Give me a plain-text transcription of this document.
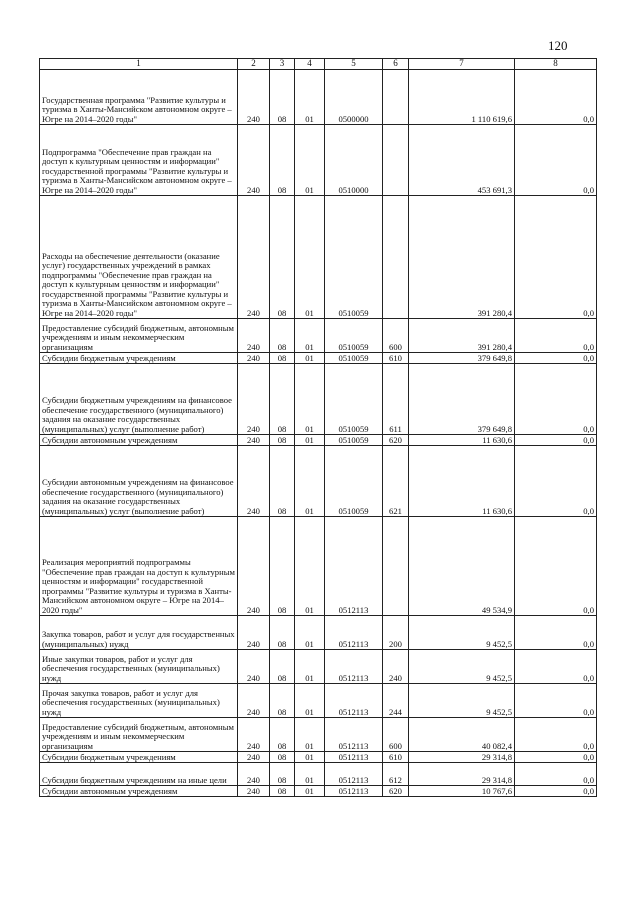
120
1	2	3	4	5	6	7	8
Государственная программа "Развитие культуры и туризма в Ханты-Мансийском автономном округе – Югре на 2014–2020 годы"	240	08	01	0500000		1 110 619,6	0,0
Подпрограмма "Обеспечение прав граждан на доступ к культурным ценностям и информации" государственной программы "Развитие культуры и туризма в Ханты-Мансийском автономном округе – Югре на 2014–2020 годы"	240	08	01	0510000		453 691,3	0,0
Расходы на обеспечение деятельности (оказание услуг) государственных учреждений в рамках подпрограммы "Обеспечение прав граждан на доступ к культурным ценностям и информации" государственной программы "Развитие культуры и туризма в Ханты-Мансийском автономном округе – Югре на 2014–2020 годы"	240	08	01	0510059		391 280,4	0,0
Предоставление субсидий бюджетным, автономным учреждениям и иным некоммерческим организациям	240	08	01	0510059	600	391 280,4	0,0
Субсидии бюджетным учреждениям	240	08	01	0510059	610	379 649,8	0,0
Субсидии бюджетным учреждениям на финансовое обеспечение государственного (муниципального) задания на оказание государственных (муниципальных) услуг (выполнение работ)	240	08	01	0510059	611	379 649,8	0,0
Субсидии автономным учреждениям	240	08	01	0510059	620	11 630,6	0,0
Субсидии автономным учреждениям на финансовое обеспечение государственного (муниципального) задания на оказание государственных (муниципальных) услуг (выполнение работ)	240	08	01	0510059	621	11 630,6	0,0
Реализация мероприятий подпрограммы "Обеспечение прав граждан на доступ к культурным ценностям и информации" государственной программы "Развитие культуры и туризма в Ханты-Мансийском автономном округе – Югре на 2014–2020 годы"	240	08	01	0512113		49 534,9	0,0
Закупка товаров, работ и услуг для государственных (муниципальных) нужд	240	08	01	0512113	200	9 452,5	0,0
Иные закупки товаров, работ и услуг для обеспечения государственных (муниципальных) нужд	240	08	01	0512113	240	9 452,5	0,0
Прочая закупка товаров, работ и услуг для обеспечения государственных (муниципальных) нужд	240	08	01	0512113	244	9 452,5	0,0
Предоставление субсидий бюджетным, автономным учреждениям и иным некоммерческим организациям	240	08	01	0512113	600	40 082,4	0,0
Субсидии бюджетным учреждениям	240	08	01	0512113	610	29 314,8	0,0
Субсидии бюджетным учреждениям на иные цели	240	08	01	0512113	612	29 314,8	0,0
Субсидии автономным учреждениям	240	08	01	0512113	620	10 767,6	0,0
